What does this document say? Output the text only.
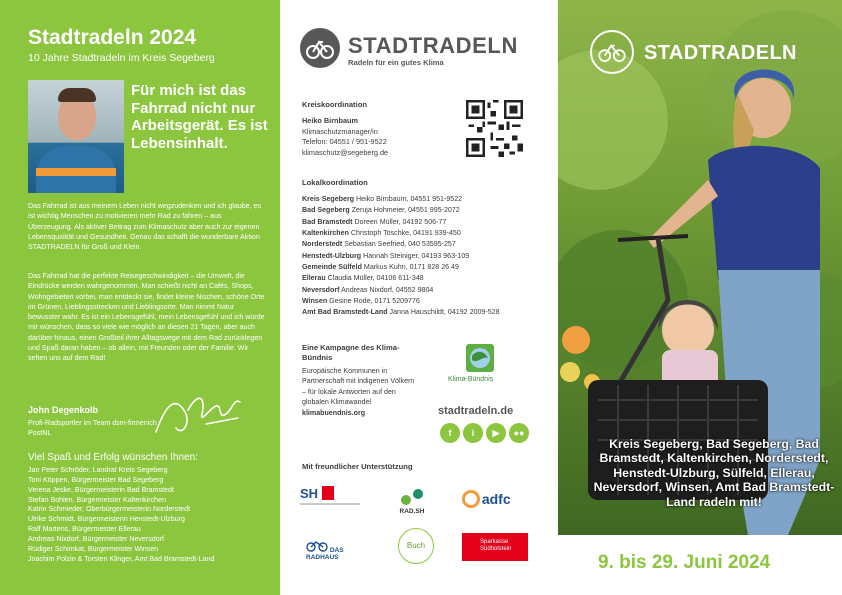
Stadtradeln 2024
10 Jahre Stadtradeln im Kreis Segeberg
Für mich ist das Fahrrad nicht nur Arbeitsgerät. Es ist Lebensinhalt.

Das Fahrrad ist aus meinem Leben nicht wegzudenken und ich glaube, es ist wichtig Menschen zu motivieren mehr Rad zu fahren – aus Überzeugung. Als aktiver Beitrag zum Klimaschutz aber auch zur eigenen Lebensqualität und Gesundheit. Genau das schafft die wunderbare Aktion STADTRADELN für Groß und Klein.

Das Fahrrad hat die perfekte Reisegeschwindigkeit – die Umwelt, die Eindrücke werden wahrgenommen. Man schießt nicht an Cafés, Shops, Wohngebieten vorbei, man entdeckt sie, findet kleine Nischen, schöne Orte im Grünen, Lieblingsstrecken und Lieblingsorte. Man nimmt Natur bewusster wahr. Es ist ein Lebensgefühl, mein Lebensgefühl und ich würde mir wünschen, dass so viele wie möglich an diesen 21 Tagen, aber auch darüber hinaus, einen Großteil ihrer Alltagswege mit dem Rad zurücklegen und Spaß daran haben – ob allein, mit Freunden oder der Familie. Wir sehen uns auf dem Rad!

John Degenkolb
Profi-Radsportler im Team dsm-firmenich PostNL
Viel Spaß und Erfolg wünschen Ihnen:
Jan Peter Schröder, Landrat Kreis Segeberg
Toni Köppen, Bürgermeister Bad Segeberg
Verena Jeske, Bürgermeisterin Bad Bramstedt
Stefan Bohlen, Bürgermeister Kaltenkirchen
Katrin Schmieder, Oberbürgermeisterin Norderstedt
Ulrike Schmidt, Bürgermeisterin Henstedt-Ulzburg
Ralf Martens, Bürgermeister Ellerau
Andreas Nixdorf, Bürgermeister Neversdorf
Rüdiger Schimkat, Bürgermeister Winsen
Joachim Polzin & Torsten Klinger, Amt Bad Bramstedt-Land
STADTRADELN
Radeln für ein gutes Klima
Kreiskoordination
Heiko Birnbaum
Klimaschutzmanager/in
Telefon: 04551 / 951-9522
klimaschutz@segeberg.de
Lokalkoordination
Kreis Segeberg Heiko Birnbaum, 04551 951-9522
Bad Segeberg Zeruja Hohmeier, 04551 995-2072
Bad Bramstedt Doreen Müller, 04192 506-77
Kaltenkirchen Christoph Toschke, 04191 939-450
Norderstedt Sebastian Seefried, 040 53595-257
Henstedt-Ulzburg Hannah Steiniger, 04193 963-109
Gemeinde Sülfeld Markus Kuhn, 0171 828 26 49
Ellerau Claudia Müller, 04106 611-348
Neversdorf Andreas Nixdorf, 04552 9804
Winsen Gesine Rode, 0171 5209776
Amt Bad Bramstedt-Land Janna Hauschildt, 04192 2009-528
Eine Kampagne des Klima-Bündnis
Europäische Kommunen in Partnerschaft mit indigenen Völkern – für lokale Antworten auf den globalen Klimawandel klimabuendnis.org
Klima-Bündnis
stadtradeln.de
f	i	▶	●●
Mit freundlicher Unterstützung
SH
RAD.SH
adfc
DAS RADHAUS
Buch	Sparkasse Südholstein
STADTRADELN
Kreis Segeberg, Bad Segeberg, Bad Bramstedt, Kaltenkirchen, Norderstedt, Henstedt-Ulzburg, Sülfeld, Ellerau, Neversdorf, Winsen, Amt Bad Bramstedt-Land radeln mit!
9. bis 29. Juni 2024
